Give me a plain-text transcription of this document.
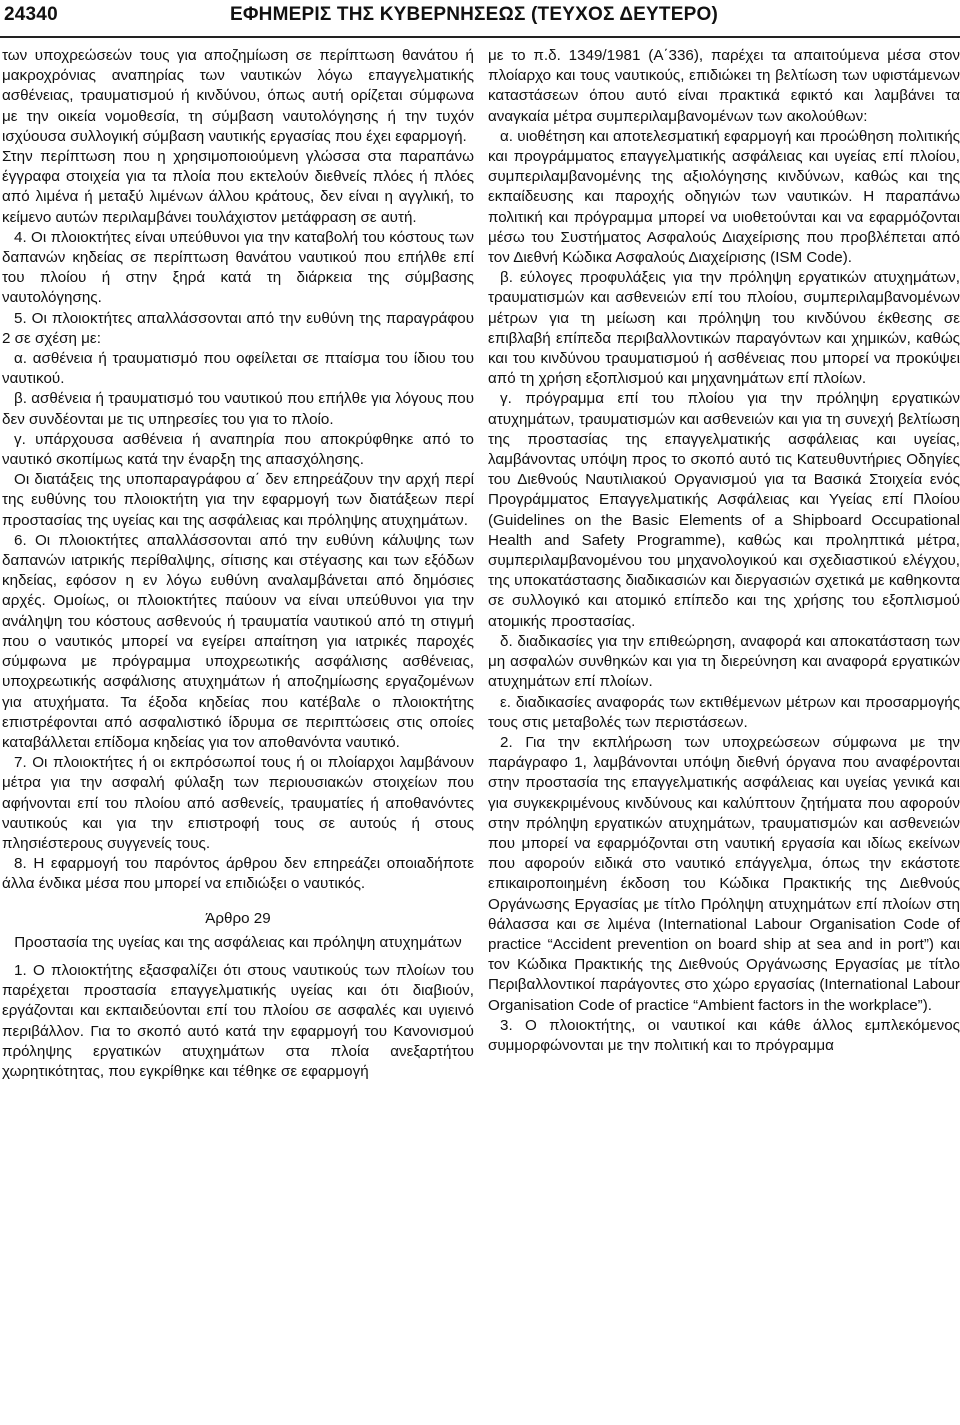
24340	ΕΦΗΜΕΡΙΣ ΤΗΣ ΚΥΒΕΡΝΗΣΕΩΣ (ΤΕΥΧΟΣ ΔΕΥΤΕΡΟ)

των υποχρεώσεών τους για αποζημίωση σε περίπτωση θανάτου ή μακροχρόνιας αναπηρίας των ναυτικών λόγω επαγγελματικής ασθένειας, τραυματισμού ή κινδύνου, όπως αυτή ορίζεται σύμφωνα με την οικεία νομοθεσία, τη σύμβαση ναυτολόγησης ή την τυχόν ισχύουσα συλλογική σύμβαση ναυτικής εργασίας που έχει εφαρμογή.

Στην περίπτωση που η χρησιμοποιούμενη γλώσσα στα παραπάνω έγγραφα στοιχεία για τα πλοία που εκτελούν διεθνείς πλόες ή πλόες από λιμένα ή μεταξύ λιμένων άλλου κράτους, δεν είναι η αγγλική, το κείμενο αυτών περιλαμβάνει τουλάχιστον μετάφραση σε αυτή.

4. Οι πλοιοκτήτες είναι υπεύθυνοι για την καταβολή του κόστους των δαπανών κηδείας σε περίπτωση θανάτου ναυτικού που επήλθε επί του πλοίου ή στην ξηρά κατά τη διάρκεια της σύμβασης ναυτολόγησης.

5. Οι πλοιοκτήτες απαλλάσσονται από την ευθύνη της παραγράφου 2 σε σχέση με:

α. ασθένεια ή τραυματισμό που οφείλεται σε πταίσμα του ίδιου του ναυτικού.

β. ασθένεια ή τραυματισμό του ναυτικού που επήλθε για λόγους που δεν συνδέονται με τις υπηρεσίες του για το πλοίο.

γ. υπάρχουσα ασθένεια ή αναπηρία που αποκρύφθηκε από το ναυτικό σκοπίμως κατά την έναρξη της απασχόλησης.

Οι διατάξεις της υποπαραγράφου α΄ δεν επηρεάζουν την αρχή περί της ευθύνης του πλοιοκτήτη για την εφαρμογή των διατάξεων περί προστασίας της υγείας και της ασφάλειας και πρόληψης ατυχημάτων.

6. Οι πλοιοκτήτες απαλλάσσονται από την ευθύνη κάλυψης των δαπανών ιατρικής περίθαλψης, σίτισης και στέγασης και των εξόδων κηδείας, εφόσον η εν λόγω ευθύνη αναλαμβάνεται από δημόσιες αρχές. Ομοίως, οι πλοιοκτήτες παύουν να είναι υπεύθυνοι για την ανάληψη του κόστους ασθενούς ή τραυματία ναυτικού από τη στιγμή που ο ναυτικός μπορεί να εγείρει απαίτηση για ιατρικές παροχές σύμφωνα με πρόγραμμα υποχρεωτικής ασφάλισης ασθένειας, υποχρεωτικής ασφάλισης ατυχημάτων ή αποζημίωσης εργαζομένων για ατυχήματα. Τα έξοδα κηδείας που κατέβαλε ο πλοιοκτήτης επιστρέφονται από ασφαλιστικό ίδρυμα σε περιπτώσεις στις οποίες καταβάλλεται επίδομα κηδείας για τον αποθανόντα ναυτικό.

7. Οι πλοιοκτήτες ή οι εκπρόσωποί τους ή οι πλοίαρχοι λαμβάνουν μέτρα για την ασφαλή φύλαξη των περιουσιακών στοιχείων που αφήνονται επί του πλοίου από ασθενείς, τραυματίες ή αποθανόντες ναυτικούς και για την επιστροφή τους σε αυτούς ή στους πλησιέστερους συγγενείς τους.

8. Η εφαρμογή του παρόντος άρθρου δεν επηρεάζει οποιαδήποτε άλλα ένδικα μέσα που μπορεί να επιδιώξει ο ναυτικός.

Άρθρο 29
Προστασία της υγείας και της ασφάλειας και πρόληψη ατυχημάτων

1. Ο πλοιοκτήτης εξασφαλίζει ότι στους ναυτικούς των πλοίων του παρέχεται προστασία επαγγελματικής υγείας και ότι διαβιούν, εργάζονται και εκπαιδεύονται επί του πλοίου σε ασφαλές και υγιεινό περιβάλλον. Για το σκοπό αυτό κατά την εφαρμογή του Κανονισμού πρόληψης εργατικών ατυχημάτων στα πλοία ανεξαρτήτου χωρητικότητας, που εγκρίθηκε και τέθηκε σε εφαρμογή

με το π.δ. 1349/1981 (Α΄336), παρέχει τα απαιτούμενα μέσα στον πλοίαρχο και τους ναυτικούς, επιδιώκει τη βελτίωση των υφιστάμενων καταστάσεων όπου αυτό είναι πρακτικά εφικτό και λαμβάνει τα αναγκαία μέτρα συμπεριλαμβανομένων των ακολούθων:

α. υιοθέτηση και αποτελεσματική εφαρμογή και προώθηση πολιτικής και προγράμματος επαγγελματικής ασφάλειας και υγείας επί πλοίου, συμπεριλαμβανομένης της αξιολόγησης κινδύνων, καθώς και της εκπαίδευσης και παροχής οδηγιών των ναυτικών. Η παραπάνω πολιτική και πρόγραμμα μπορεί να υιοθετούνται και να εφαρμόζονται μέσω του Συστήματος Ασφαλούς Διαχείρισης που προβλέπεται από τον Διεθνή Κώδικα Ασφαλούς Διαχείρισης (ISM Code).

β. εύλογες προφυλάξεις για την πρόληψη εργατικών ατυχημάτων, τραυματισμών και ασθενειών επί του πλοίου, συμπεριλαμβανομένων μέτρων για τη μείωση και πρόληψη του κινδύνου έκθεσης σε επιβλαβή επίπεδα περιβαλλοντικών παραγόντων και χημικών, καθώς και του κινδύνου τραυματισμού ή ασθένειας που μπορεί να προκύψει από τη χρήση εξοπλισμού και μηχανημάτων επί πλοίων.

γ. πρόγραμμα επί του πλοίου για την πρόληψη εργατικών ατυχημάτων, τραυματισμών και ασθενειών και για τη συνεχή βελτίωση της προστασίας της επαγγελματικής ασφάλειας και υγείας, λαμβάνοντας υπόψη προς το σκοπό αυτό τις Κατευθυντήριες Οδηγίες του Διεθνούς Ναυτιλιακού Οργανισμού για τα Βασικά Στοιχεία ενός Προγράμματος Επαγγελματικής Ασφάλειας και Υγείας επί Πλοίου (Guidelines on the Basic Elements of a Shipboard Occupational Health and Safety Programme), καθώς και προληπτικά μέτρα, συμπεριλαμβανομένου του μηχανολογικού και σχεδιαστικού ελέγχου, της υποκατάστασης διαδικασιών και διεργασιών σχετικά με καθηκοντα σε συλλογικό και ατομικό επίπεδο και της χρήσης του εξοπλισμού ατομικής προστασίας.

δ. διαδικασίες για την επιθεώρηση, αναφορά και αποκατάσταση των μη ασφαλών συνθηκών και για τη διερεύνηση και αναφορά εργατικών ατυχημάτων επί πλοίων.

ε. διαδικασίες αναφοράς των εκτιθέμενων μέτρων και προσαρμογής τους στις μεταβολές των περιστάσεων.

2. Για την εκπλήρωση των υποχρεώσεων σύμφωνα με την παράγραφο 1, λαμβάνονται υπόψη διεθνή όργανα που αναφέρονται στην προστασία της επαγγελματικής ασφάλειας και υγείας γενικά και για συγκεκριμένους κινδύνους και καλύπτουν ζητήματα που αφορούν στην πρόληψη εργατικών ατυχημάτων, τραυματισμών και ασθενειών που μπορεί να εφαρμόζονται στη ναυτική εργασία και ιδίως εκείνων που αφορούν ειδικά στο ναυτικό επάγγελμα, όπως την εκάστοτε επικαιροποιημένη έκδοση του Κώδικα Πρακτικής της Διεθνούς Οργάνωσης Εργασίας με τίτλο Πρόληψη ατυχημάτων επί πλοίων στη θάλασσα και σε λιμένα (International Labour Organisation Code of practice “Accident prevention on board ship at sea and in port”) και τον Κώδικα Πρακτικής της Διεθνούς Οργάνωσης Εργασίας με τίτλο Περιβαλλοντικοί παράγοντες στο χώρο εργασίας (International Labour Organisation Code of practice “Ambient factors in the workplace”).

3. Ο πλοιοκτήτης, οι ναυτικοί και κάθε άλλος εμπλεκόμενος συμμορφώνονται με την πολιτική και το πρόγραμμα
